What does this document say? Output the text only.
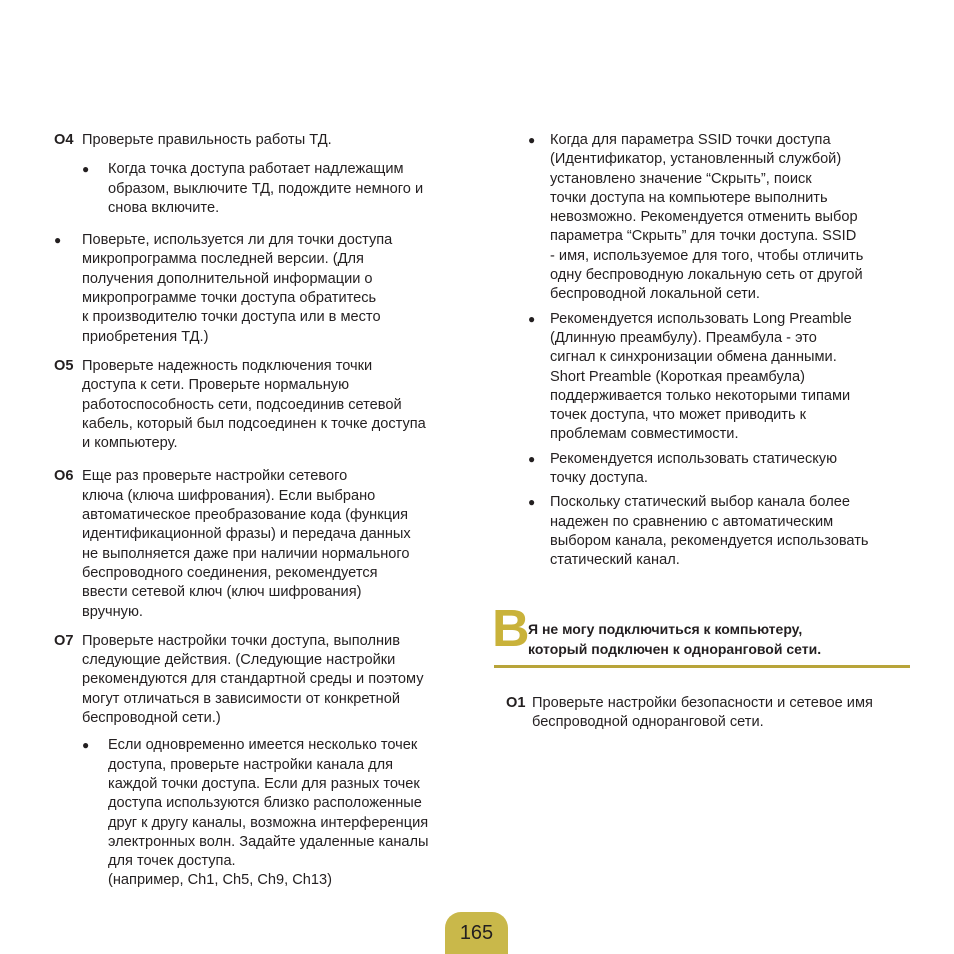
O4 Проверьте правильность работы ТД.
●	Когда точка доступа работает надлежащим
образом, выключите ТД, подождите немного и
снова включите.
●	Поверьте, используется ли для точки доступа
микропрограмма последней версии. (Для
получения дополнительной информации о
микропрограмме точки доступа обратитесь
к производителю точки доступа или в место
приобретения ТД.)
O5 Проверьте надежность подключения точки
доступа к сети. Проверьте нормальную
работоспособность сети, подсоединив сетевой
кабель, который был подсоединен к точке доступа
и компьютеру.
O6 Еще раз проверьте настройки сетевого
ключа (ключа шифрования). Если выбрано
автоматическое преобразование кода (функция
идентификационной фразы) и передача данных
не выполняется даже при наличии нормального
беспроводного соединения, рекомендуется
ввести сетевой ключ (ключ шифрования)
вручную.
O7 Проверьте настройки точки доступа, выполнив
следующие действия. (Следующие настройки
рекомендуются для стандартной среды и поэтому
могут отличаться в зависимости от конкретной
беспроводной сети.)
●	Если одновременно имеется несколько точек
доступа, проверьте настройки канала для
каждой точки доступа. Если для разных точек
доступа используются близко расположенные
друг к другу каналы, возможна интерференция
электронных волн. Задайте удаленные каналы
для точек доступа.
(например, Ch1, Ch5, Ch9, Ch13)
●	Когда для параметра SSID точки доступа
(Идентификатор, установленный службой)
установлено значение “Скрыть”, поиск
точки доступа на компьютере выполнить
невозможно. Рекомендуется отменить выбор
параметра “Скрыть” для точки доступа. SSID
- имя, используемое для того, чтобы отличить
одну беспроводную локальную сеть от другой
беспроводной локальной сети.
●	Рекомендуется использовать Long Preamble
(Длинную преамбулу). Преамбула - это
сигнал к синхронизации обмена данными.
Short Preamble (Короткая преамбула)
поддерживается только некоторыми типами
точек доступа, что может приводить к
проблемам совместимости.
●	Рекомендуется использовать статическую
точку доступа.
●	Поскольку статический выбор канала более
надежен по сравнению с автоматическим
выбором канала, рекомендуется использовать
статический канал.
В
Я не могу подключиться к компьютеру,
который подключен к одноранговой сети.
O1 Проверьте настройки безопасности и сетевое имя
беспроводной одноранговой сети.
165
